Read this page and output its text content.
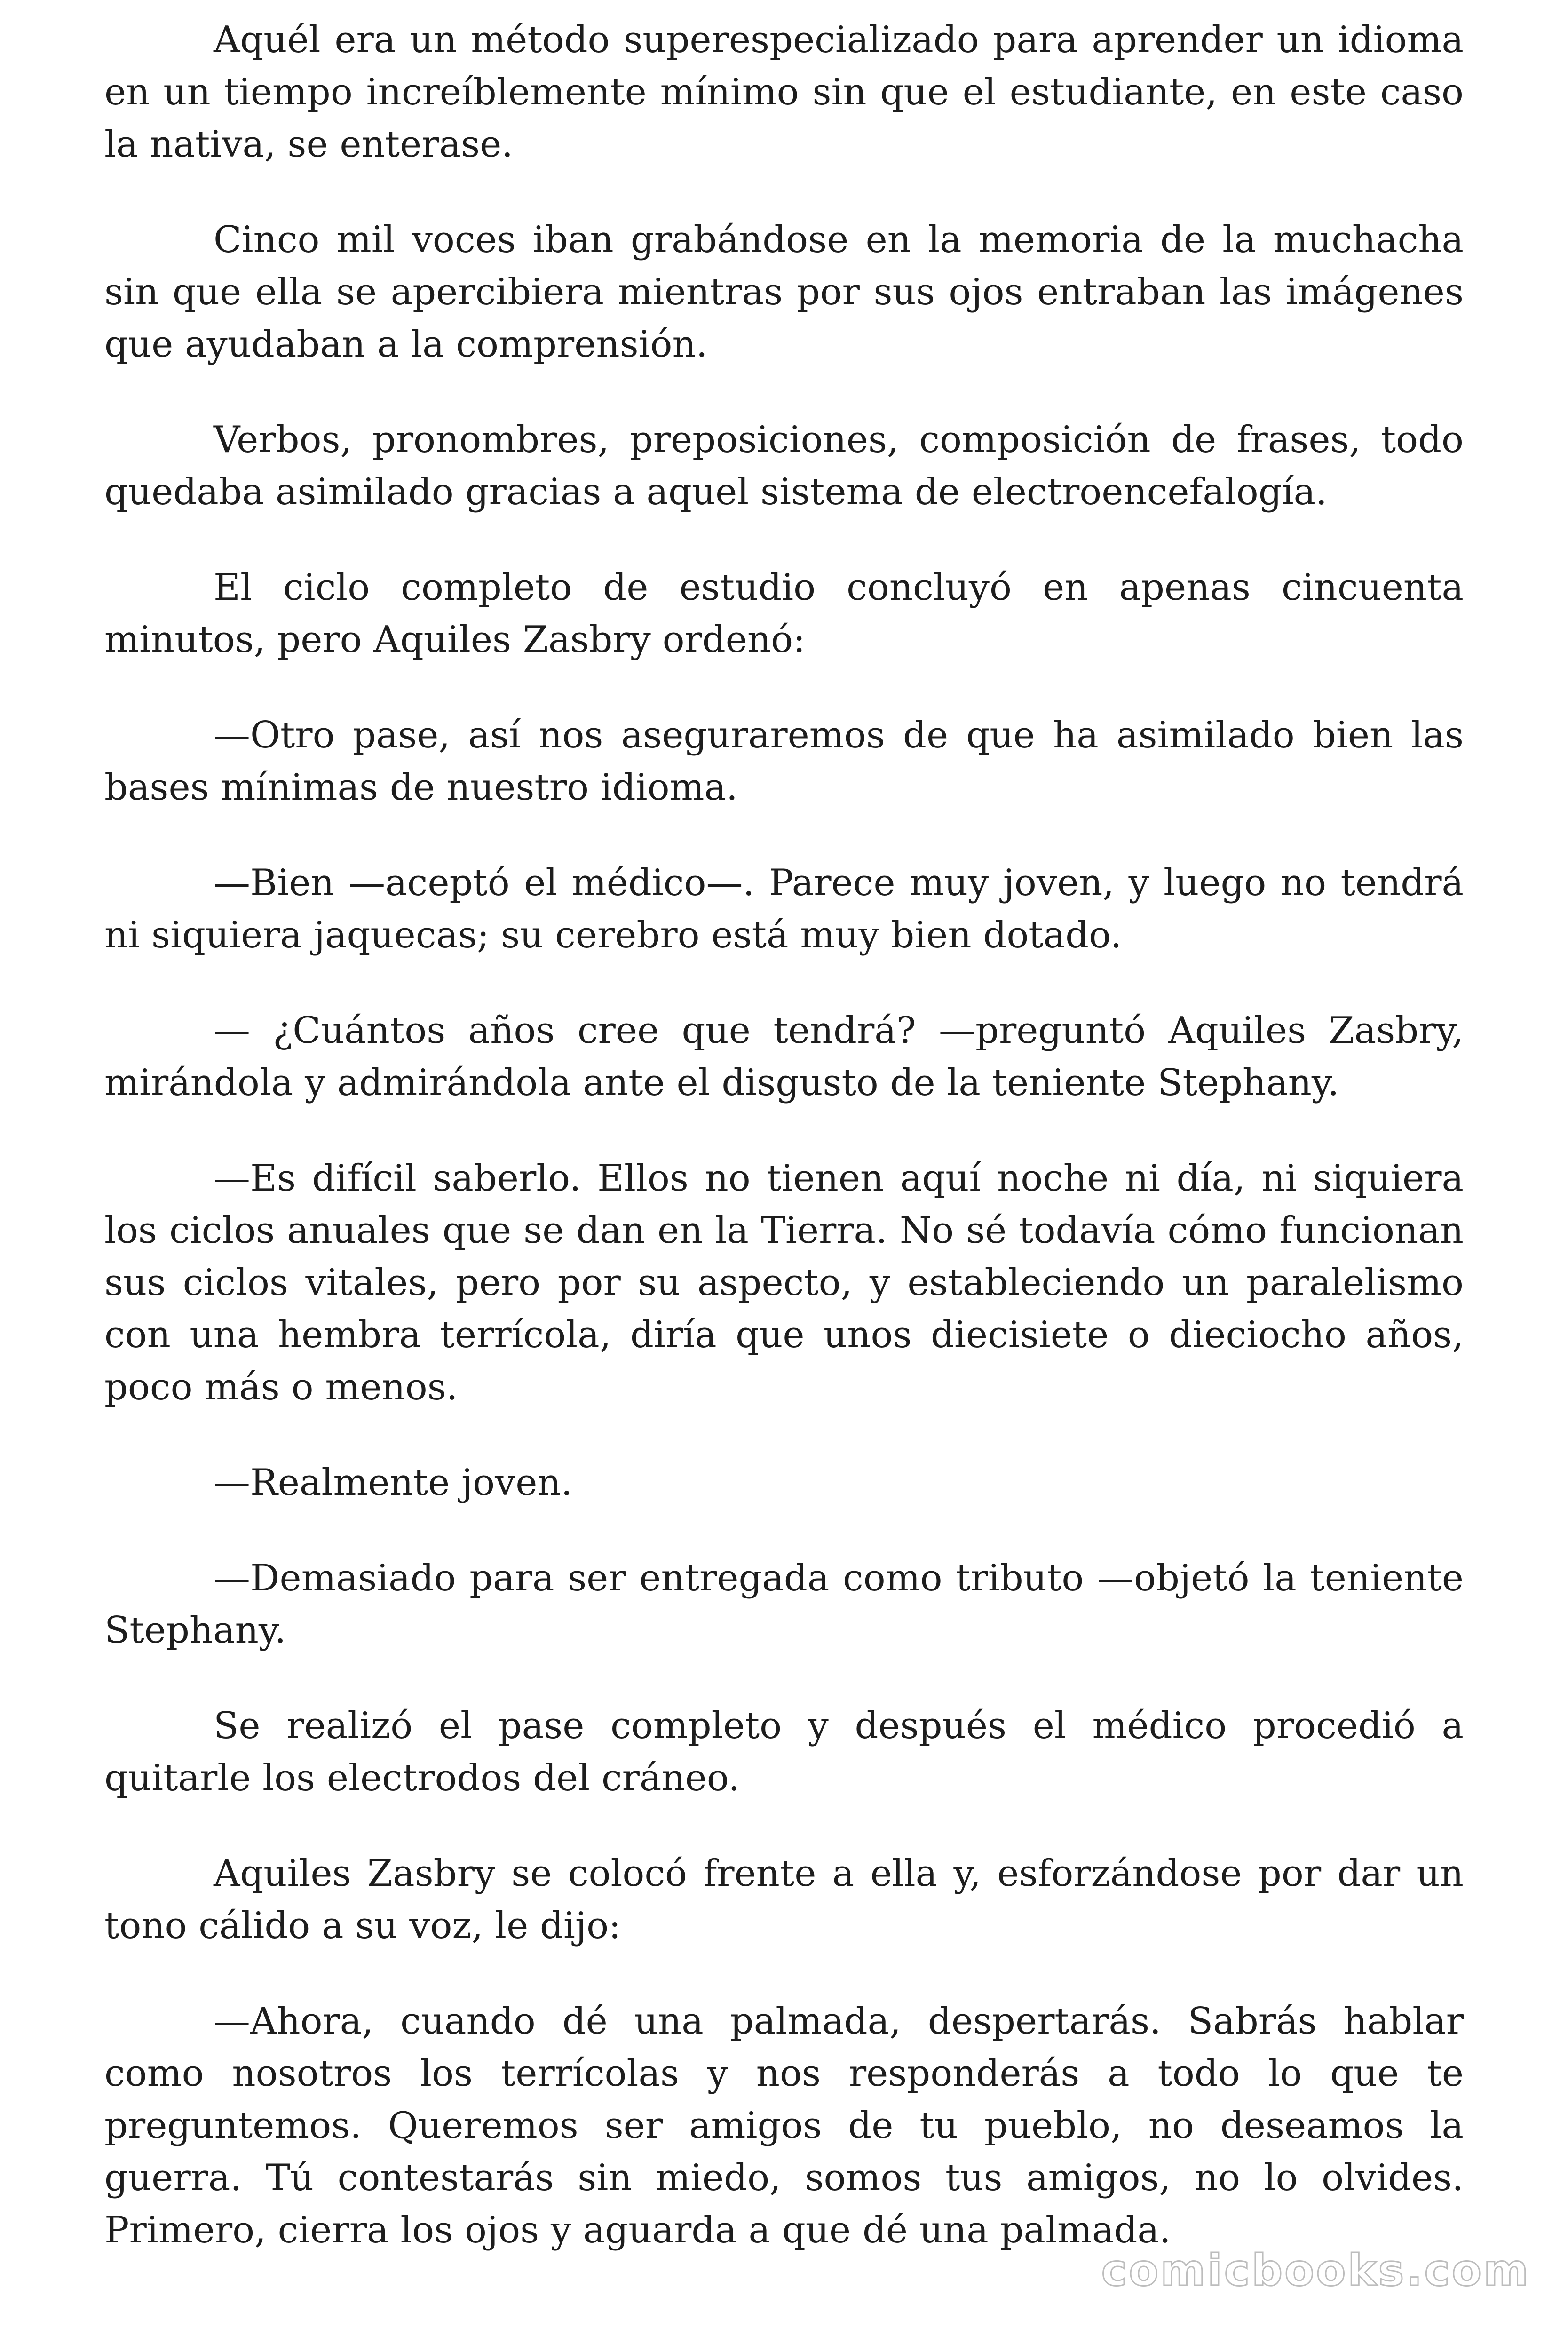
Aquél era un método superespecializado para aprender un idioma en un tiempo increíblemente mínimo sin que el estudiante, en este caso la nativa, se enterase.

Cinco mil voces iban grabándose en la memoria de la muchacha sin que ella se apercibiera mientras por sus ojos entraban las imágenes que ayudaban a la comprensión.

Verbos, pronombres, preposiciones, composición de frases, todo quedaba asimilado gracias a aquel sistema de electroencefalogía.

El ciclo completo de estudio concluyó en apenas cincuenta minutos, pero Aquiles Zasbry ordenó:

—Otro pase, así nos aseguraremos de que ha asimilado bien las bases mínimas de nuestro idioma.

—Bien —aceptó el médico—. Parece muy joven, y luego no tendrá ni siquiera jaquecas; su cerebro está muy bien dotado.

— ¿Cuántos años cree que tendrá? —preguntó Aquiles Zasbry, mirándola y admirándola ante el disgusto de la teniente Stephany.

—Es difícil saberlo. Ellos no tienen aquí noche ni día, ni siquiera los ciclos anuales que se dan en la Tierra. No sé todavía cómo funcionan sus ciclos vitales, pero por su aspecto, y estableciendo un paralelismo con una hembra terrícola, diría que unos diecisiete o dieciocho años, poco más o menos.

—Realmente joven.

—Demasiado para ser entregada como tributo —objetó la teniente Stephany.

Se realizó el pase completo y después el médico procedió a quitarle los electrodos del cráneo.

Aquiles Zasbry se colocó frente a ella y, esforzándose por dar un tono cálido a su voz, le dijo:

—Ahora, cuando dé una palmada, despertarás. Sabrás hablar como nosotros los terrícolas y nos responderás a todo lo que te preguntemos. Queremos ser amigos de tu pueblo, no deseamos la guerra. Tú contestarás sin miedo, somos tus amigos, no lo olvides. Primero, cierra los ojos y aguarda a que dé una palmada.

comicbooks.com
